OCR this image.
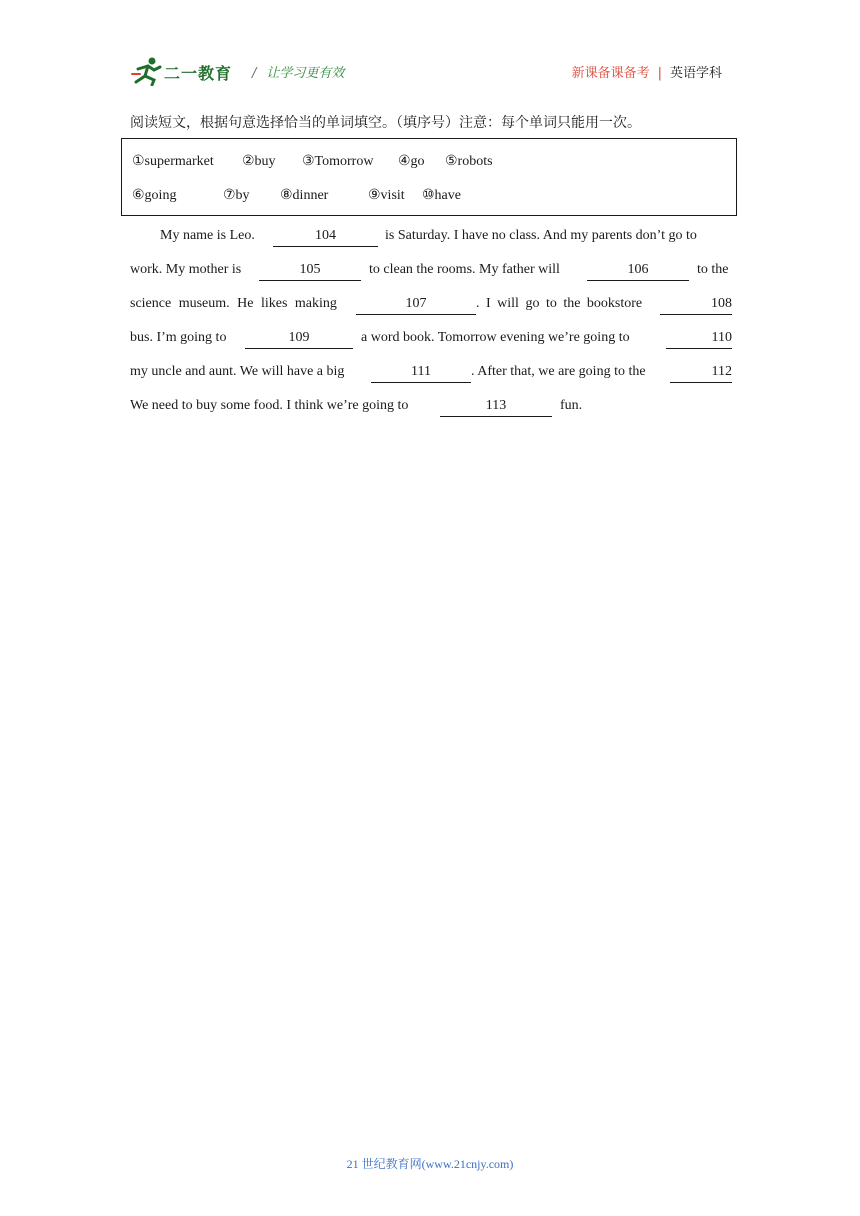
二一教育 / 让学习更有效	新课备课备考 | 英语学科
阅读短文，根据句意选择恰当的单词填空。（填序号）注意：每个单词只能用一次。
①supermarket ②buy ③Tomorrow ④go ⑤robots
⑥going	⑦by ⑧dinner	⑨visit ⑩have
My name is Leo.	104	is Saturday. I have no class. And my parents don’t go to
work. My mother is	105	to clean the rooms. My father will	106	to the
science museum. He likes making	107	. I will go to the bookstore	108
bus. I’m going to	109	a word book. Tomorrow evening we’re going to	110
my uncle and aunt. We will have a big	111	. After that, we are going to the	112
We need to buy some food. I think we’re going to	113	fun.
21 世纪教育网(www.21cnjy.com)
